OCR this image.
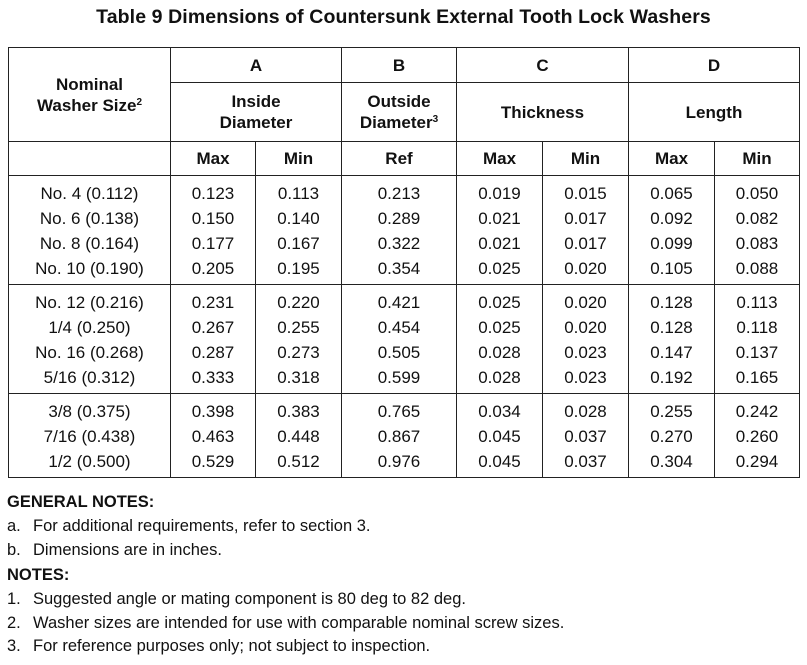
Table 9 Dimensions of Countersunk External Tooth Lock Washers
Nominal
Washer Size$^2$	A		B	C		D	
	Inside
Diameter		Outside
Diameter$^3$	Thickness		Length	
	Max	Min	Ref	Max	Min	Max	Min
No. 4 (0.112)	0.123	0.113	0.213	0.019	0.015	0.065	0.050
No. 6 (0.138)	0.150	0.140	0.289	0.021	0.017	0.092	0.082
No. 8 (0.164)	0.177	0.167	0.322	0.021	0.017	0.099	0.083
No. 10 (0.190)	0.205	0.195	0.354	0.025	0.020	0.105	0.088
No. 12 (0.216)	0.231	0.220	0.421	0.025	0.020	0.128	0.113
1/4 (0.250)	0.267	0.255	0.454	0.025	0.020	0.128	0.118
No. 16 (0.268)	0.287	0.273	0.505	0.028	0.023	0.147	0.137
5/16 (0.312)	0.333	0.318	0.599	0.028	0.023	0.192	0.165
3/8 (0.375)	0.398	0.383	0.765	0.034	0.028	0.255	0.242
7/16 (0.438)	0.463	0.448	0.867	0.045	0.037	0.270	0.260
1/2 (0.500)	0.529	0.512	0.976	0.045	0.037	0.304	0.294
GENERAL NOTES:
a. For additional requirements, refer to section 3.
b. Dimensions are in inches.
NOTES:
1. Suggested angle or mating component is 80 deg to 82 deg.
2. Washer sizes are intended for use with comparable nominal screw sizes.
3. For reference purposes only; not subject to inspection.
